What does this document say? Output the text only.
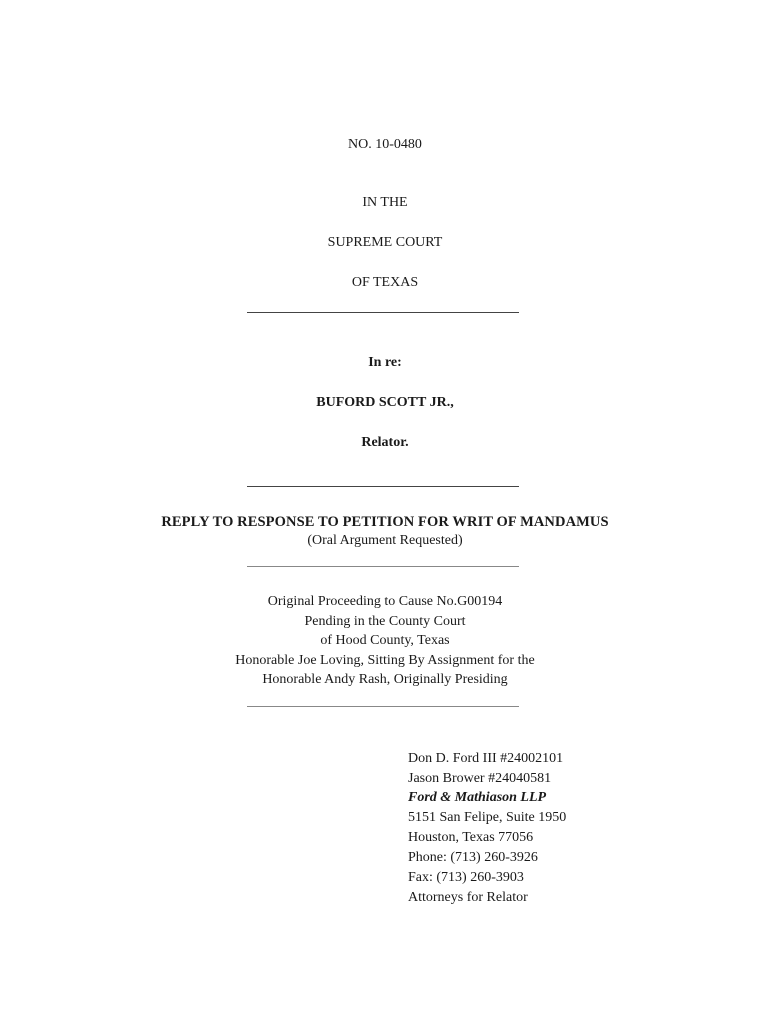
NO. 10-0480
IN THE
SUPREME COURT
OF TEXAS
In re:
BUFORD SCOTT JR.,
Relator.
REPLY TO RESPONSE TO PETITION FOR WRIT OF MANDAMUS
(Oral Argument Requested)
Original Proceeding to Cause No.G00194
Pending in the County Court
of Hood County, Texas
Honorable Joe Loving, Sitting By Assignment for the
Honorable Andy Rash, Originally Presiding
Don D. Ford III #24002101
Jason Brower #24040581
Ford & Mathiason LLP
5151 San Felipe, Suite 1950
Houston, Texas 77056
Phone: (713) 260-3926
Fax: (713) 260-3903
Attorneys for Relator
